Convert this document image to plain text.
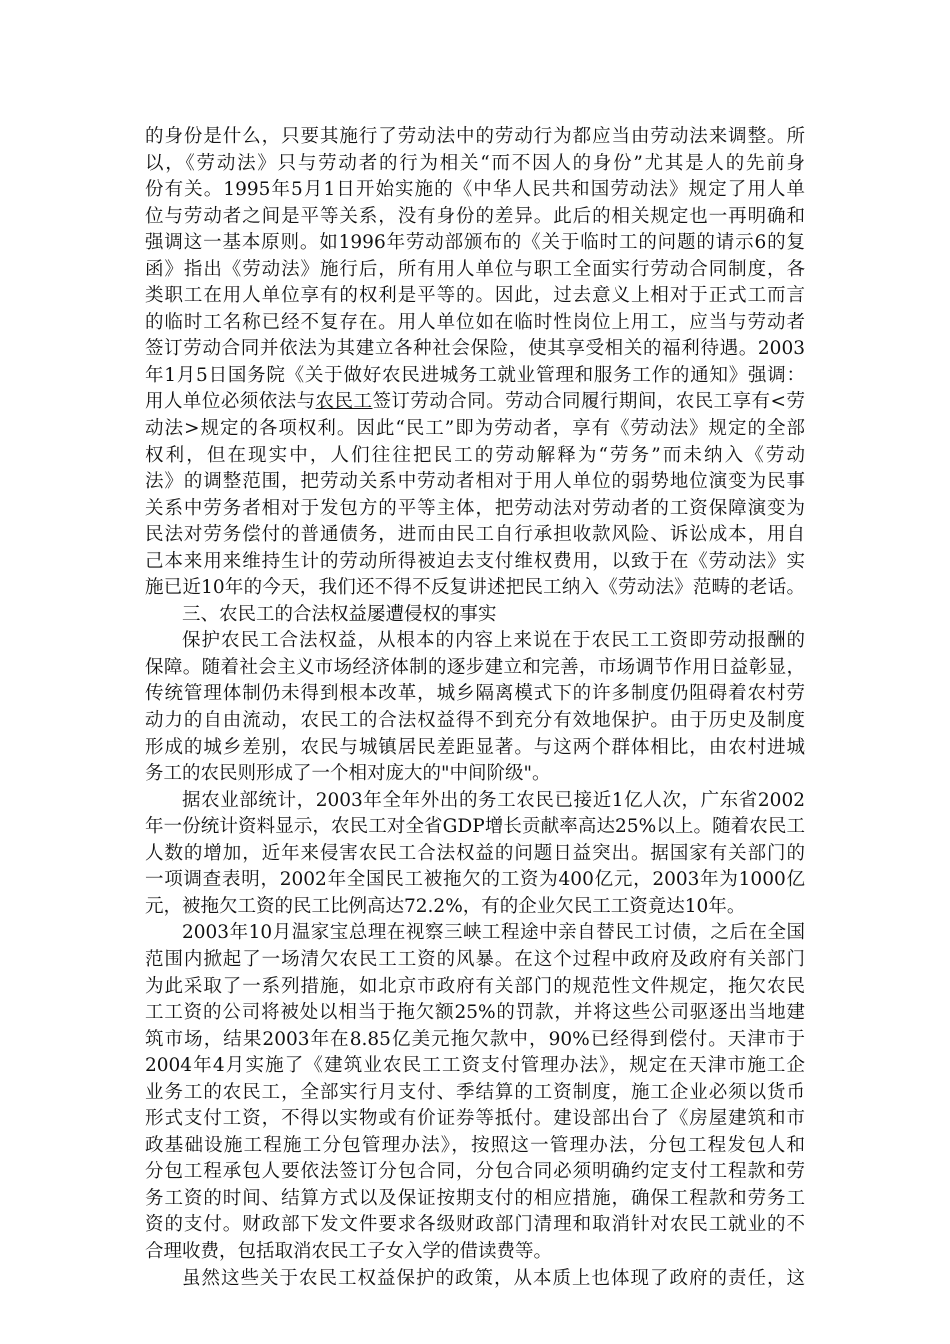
的身份是什么，只要其施行了劳动法中的劳动行为都应当由劳动法来调整。所
以，《劳动法》只与劳动者的行为相关“而不因人的身份”尤其是人的先前身
份有关。1995年5月1日开始实施的《中华人民共和国劳动法》规定了用人单
位与劳动者之间是平等关系，没有身份的差异。此后的相关规定也一再明确和
强调这一基本原则。如1996年劳动部颁布的《关于临时工的问题的请示6的复
函》指出《劳动法》施行后，所有用人单位与职工全面实行劳动合同制度，各
类职工在用人单位享有的权利是平等的。因此，过去意义上相对于正式工而言
的临时工名称已经不复存在。用人单位如在临时性岗位上用工，应当与劳动者
签订劳动合同并依法为其建立各种社会保险，使其享受相关的福利待遇。2003
年1月5日国务院《关于做好农民进城务工就业管理和服务工作的通知》强调：
用人单位必须依法与农民工签订劳动合同。劳动合同履行期间，农民工享有<劳
动法>规定的各项权利。因此“民工”即为劳动者，享有《劳动法》规定的全部
权利，但在现实中，人们往往把民工的劳动解释为“劳务”而未纳入《劳动
法》的调整范围，把劳动关系中劳动者相对于用人单位的弱势地位演变为民事
关系中劳务者相对于发包方的平等主体，把劳动法对劳动者的工资保障演变为
民法对劳务偿付的普通债务，进而由民工自行承担收款风险、诉讼成本，用自
己本来用来维持生计的劳动所得被迫去支付维权费用，以致于在《劳动法》实
施已近10年的今天，我们还不得不反复讲述把民工纳入《劳动法》范畴的老话。
三、农民工的合法权益屡遭侵权的事实
保护农民工合法权益，从根本的内容上来说在于农民工工资即劳动报酬的
保障。随着社会主义市场经济体制的逐步建立和完善，市场调节作用日益彰显，
传统管理体制仍未得到根本改革，城乡隔离模式下的许多制度仍阻碍着农村劳
动力的自由流动，农民工的合法权益得不到充分有效地保护。由于历史及制度
形成的城乡差别，农民与城镇居民差距显著。与这两个群体相比，由农村进城
务工的农民则形成了一个相对庞大的"中间阶级"。
据农业部统计，2003年全年外出的务工农民已接近1亿人次，广东省2002
年一份统计资料显示，农民工对全省GDP增长贡献率高达25%以上。随着农民工
人数的增加，近年来侵害农民工合法权益的问题日益突出。据国家有关部门的
一项调查表明，2002年全国民工被拖欠的工资为400亿元，2003年为1000亿
元，被拖欠工资的民工比例高达72.2%，有的企业欠民工工资竟达10年。
2003年10月温家宝总理在视察三峡工程途中亲自替民工讨债，之后在全国
范围内掀起了一场清欠农民工工资的风暴。在这个过程中政府及政府有关部门
为此采取了一系列措施，如北京市政府有关部门的规范性文件规定，拖欠农民
工工资的公司将被处以相当于拖欠额25%的罚款，并将这些公司驱逐出当地建
筑市场，结果2003年在8.85亿美元拖欠款中，90%已经得到偿付。天津市于
2004年4月实施了《建筑业农民工工资支付管理办法》，规定在天津市施工企
业务工的农民工，全部实行月支付、季结算的工资制度，施工企业必须以货币
形式支付工资，不得以实物或有价证券等抵付。建设部出台了《房屋建筑和市
政基础设施工程施工分包管理办法》，按照这一管理办法，分包工程发包人和
分包工程承包人要依法签订分包合同，分包合同必须明确约定支付工程款和劳
务工资的时间、结算方式以及保证按期支付的相应措施，确保工程款和劳务工
资的支付。财政部下发文件要求各级财政部门清理和取消针对农民工就业的不
合理收费，包括取消农民工子女入学的借读费等。
虽然这些关于农民工权益保护的政策，从本质上也体现了政府的责任，这
